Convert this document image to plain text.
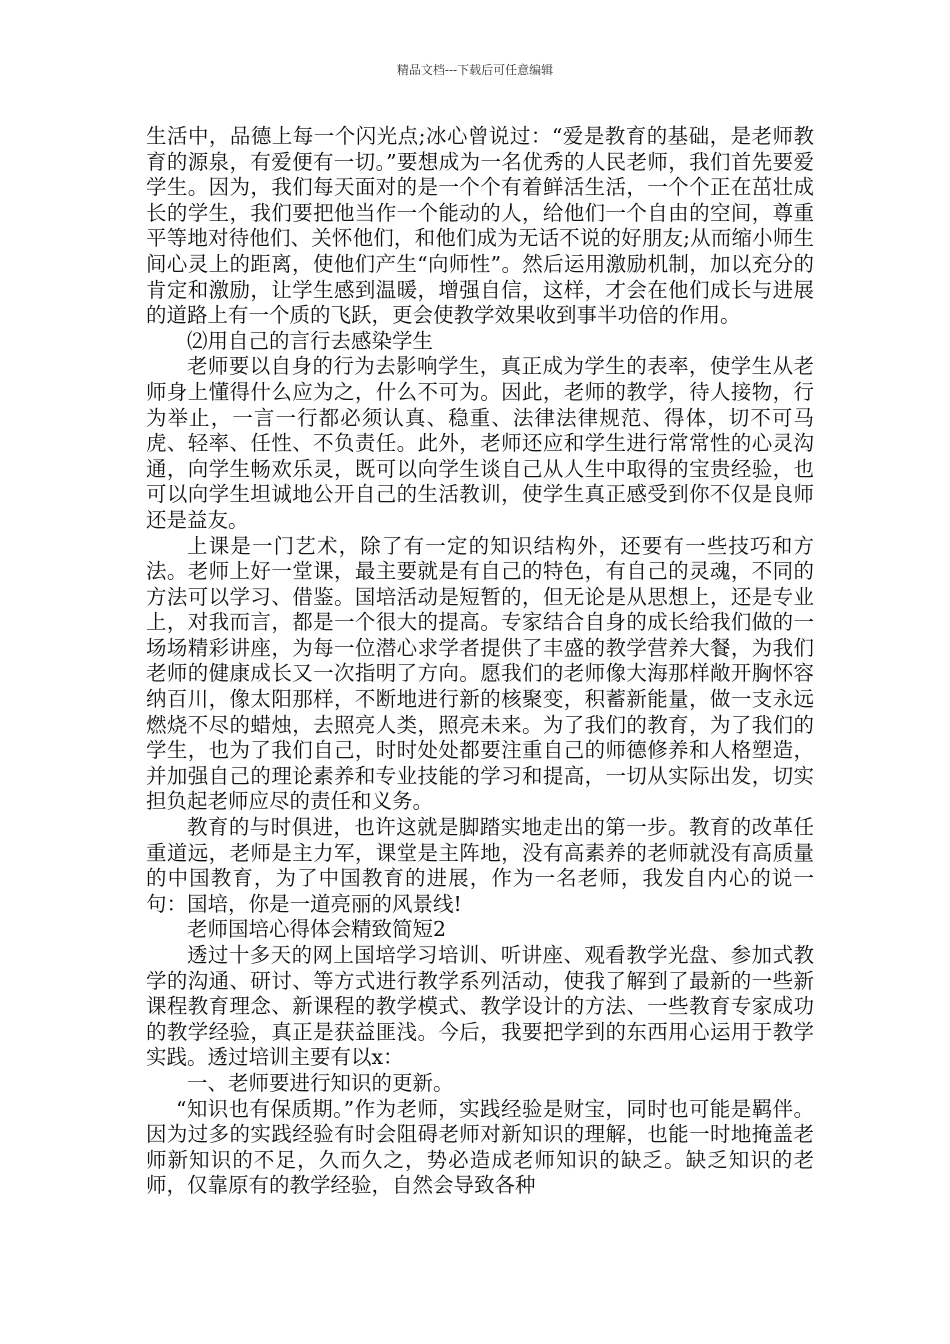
精品文档---下载后可任意编辑

生活中，品德上每一个闪光点;冰心曾说过：“爱是教育的基础，是老师教育的源泉，有爱便有一切。”要想成为一名优秀的人民老师，我们首先要爱学生。因为，我们每天面对的是一个个有着鲜活生活，一个个正在茁壮成长的学生，我们要把他当作一个能动的人，给他们一个自由的空间，尊重平等地对待他们、关怀他们，和他们成为无话不说的好朋友;从而缩小师生间心灵上的距离，使他们产生“向师性”。然后运用激励机制，加以充分的肯定和激励，让学生感到温暖，增强自信，这样，才会在他们成长与进展的道路上有一个质的飞跃，更会使教学效果收到事半功倍的作用。

⑵用自己的言行去感染学生

老师要以自身的行为去影响学生，真正成为学生的表率，使学生从老师身上懂得什么应为之，什么不可为。因此，老师的教学，待人接物，行为举止，一言一行都必须认真、稳重、法律法律规范、得体，切不可马虎、轻率、任性、不负责任。此外，老师还应和学生进行常常性的心灵沟通，向学生畅欢乐灵，既可以向学生谈自己从人生中取得的宝贵经验，也可以向学生坦诚地公开自己的生活教训，使学生真正感受到你不仅是良师还是益友。

上课是一门艺术，除了有一定的知识结构外，还要有一些技巧和方法。老师上好一堂课，最主要就是有自己的特色，有自己的灵魂，不同的方法可以学习、借鉴。国培活动是短暂的，但无论是从思想上，还是专业上，对我而言，都是一个很大的提高。专家结合自身的成长给我们做的一场场精彩讲座，为每一位潜心求学者提供了丰盛的教学营养大餐，为我们老师的健康成长又一次指明了方向。愿我们的老师像大海那样敞开胸怀容纳百川，像太阳那样，不断地进行新的核聚变，积蓄新能量，做一支永远燃烧不尽的蜡烛，去照亮人类，照亮未来。为了我们的教育，为了我们的学生，也为了我们自己，时时处处都要注重自己的师德修养和人格塑造，并加强自己的理论素养和专业技能的学习和提高，一切从实际出发，切实担负起老师应尽的责任和义务。

教育的与时俱进，也许这就是脚踏实地走出的第一步。教育的改革任重道远，老师是主力军，课堂是主阵地，没有高素养的老师就没有高质量的中国教育，为了中国教育的进展，作为一名老师，我发自内心的说一句：国培，你是一道亮丽的风景线!

老师国培心得体会精致简短2

透过十多天的网上国培学习培训、听讲座、观看教学光盘、参加式教学的沟通、研讨、等方式进行教学系列活动，使我了解到了最新的一些新课程教育理念、新课程的教学模式、教学设计的方法、一些教育专家成功的教学经验，真正是获益匪浅。今后，我要把学到的东西用心运用于教学实践。透过培训主要有以x：

一、老师要进行知识的更新。

“知识也有保质期。”作为老师，实践经验是财宝，同时也可能是羁伴。因为过多的实践经验有时会阻碍老师对新知识的理解，也能一时地掩盖老师新知识的不足，久而久之，势必造成老师知识的缺乏。缺乏知识的老师，仅靠原有的教学经验，自然会导致各种
